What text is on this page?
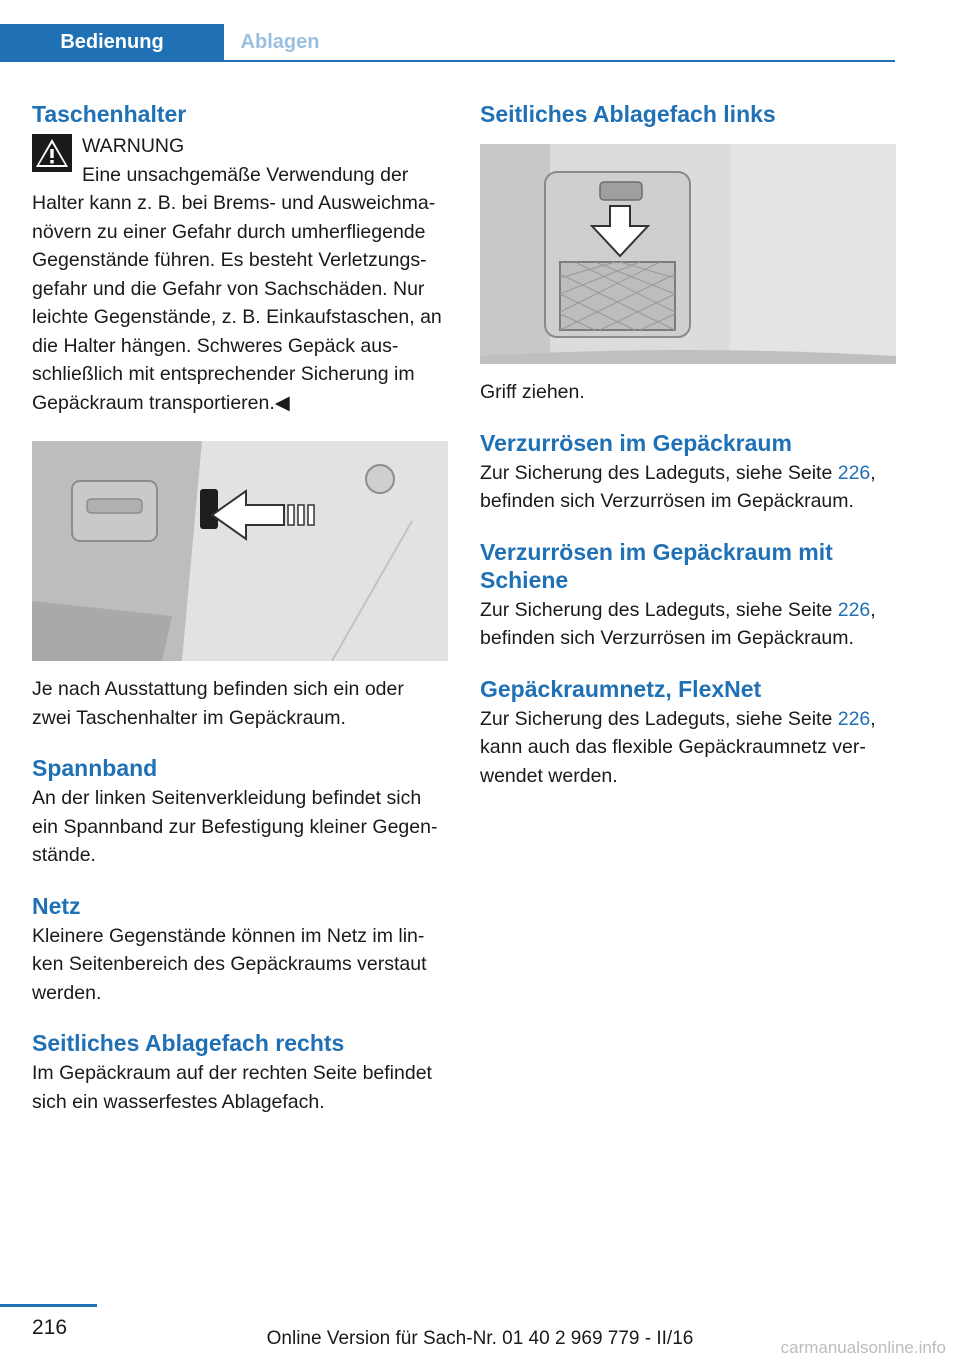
Bedienung	Ablagen
Taschenhalter

WARNUNG

Eine unsachgemäße Verwendung der

Halter kann z. B. bei Brems- und Ausweichmanövern zu einer Gefahr durch umherfliegende Gegenstände führen. Es besteht Verletzungsgefahr und die Gefahr von Sachschäden. Nur leichte Gegenstände, z. B. Einkaufstaschen, an die Halter hängen. Schweres Gepäck ausschließlich mit entsprechender Sicherung im Gepäckraum transportieren.◀

Je nach Ausstattung befinden sich ein oder zwei Taschenhalter im Gepäckraum.

Spannband

An der linken Seitenverkleidung befindet sich ein Spannband zur Befestigung kleiner Gegenstände.

Netz

Kleinere Gegenstände können im Netz im linken Seitenbereich des Gepäckraums verstaut werden.

Seitliches Ablagefach rechts

Im Gepäckraum auf der rechten Seite befindet sich ein wasserfestes Ablagefach.

Seitliches Ablagefach links

Griff ziehen.

Verzurrösen im Gepäckraum

Zur Sicherung des Ladeguts, siehe Seite 226, befinden sich Verzurrösen im Gepäckraum.

Verzurrösen im Gepäckraum mit Schiene

Zur Sicherung des Ladeguts, siehe Seite 226, befinden sich Verzurrösen im Gepäckraum.

Gepäckraumnetz, FlexNet

Zur Sicherung des Ladeguts, siehe Seite 226, kann auch das flexible Gepäckraumnetz verwendet werden.

216	Online Version für Sach-Nr. 01 40 2 969 779 - II/16	carmanualsonline.info
